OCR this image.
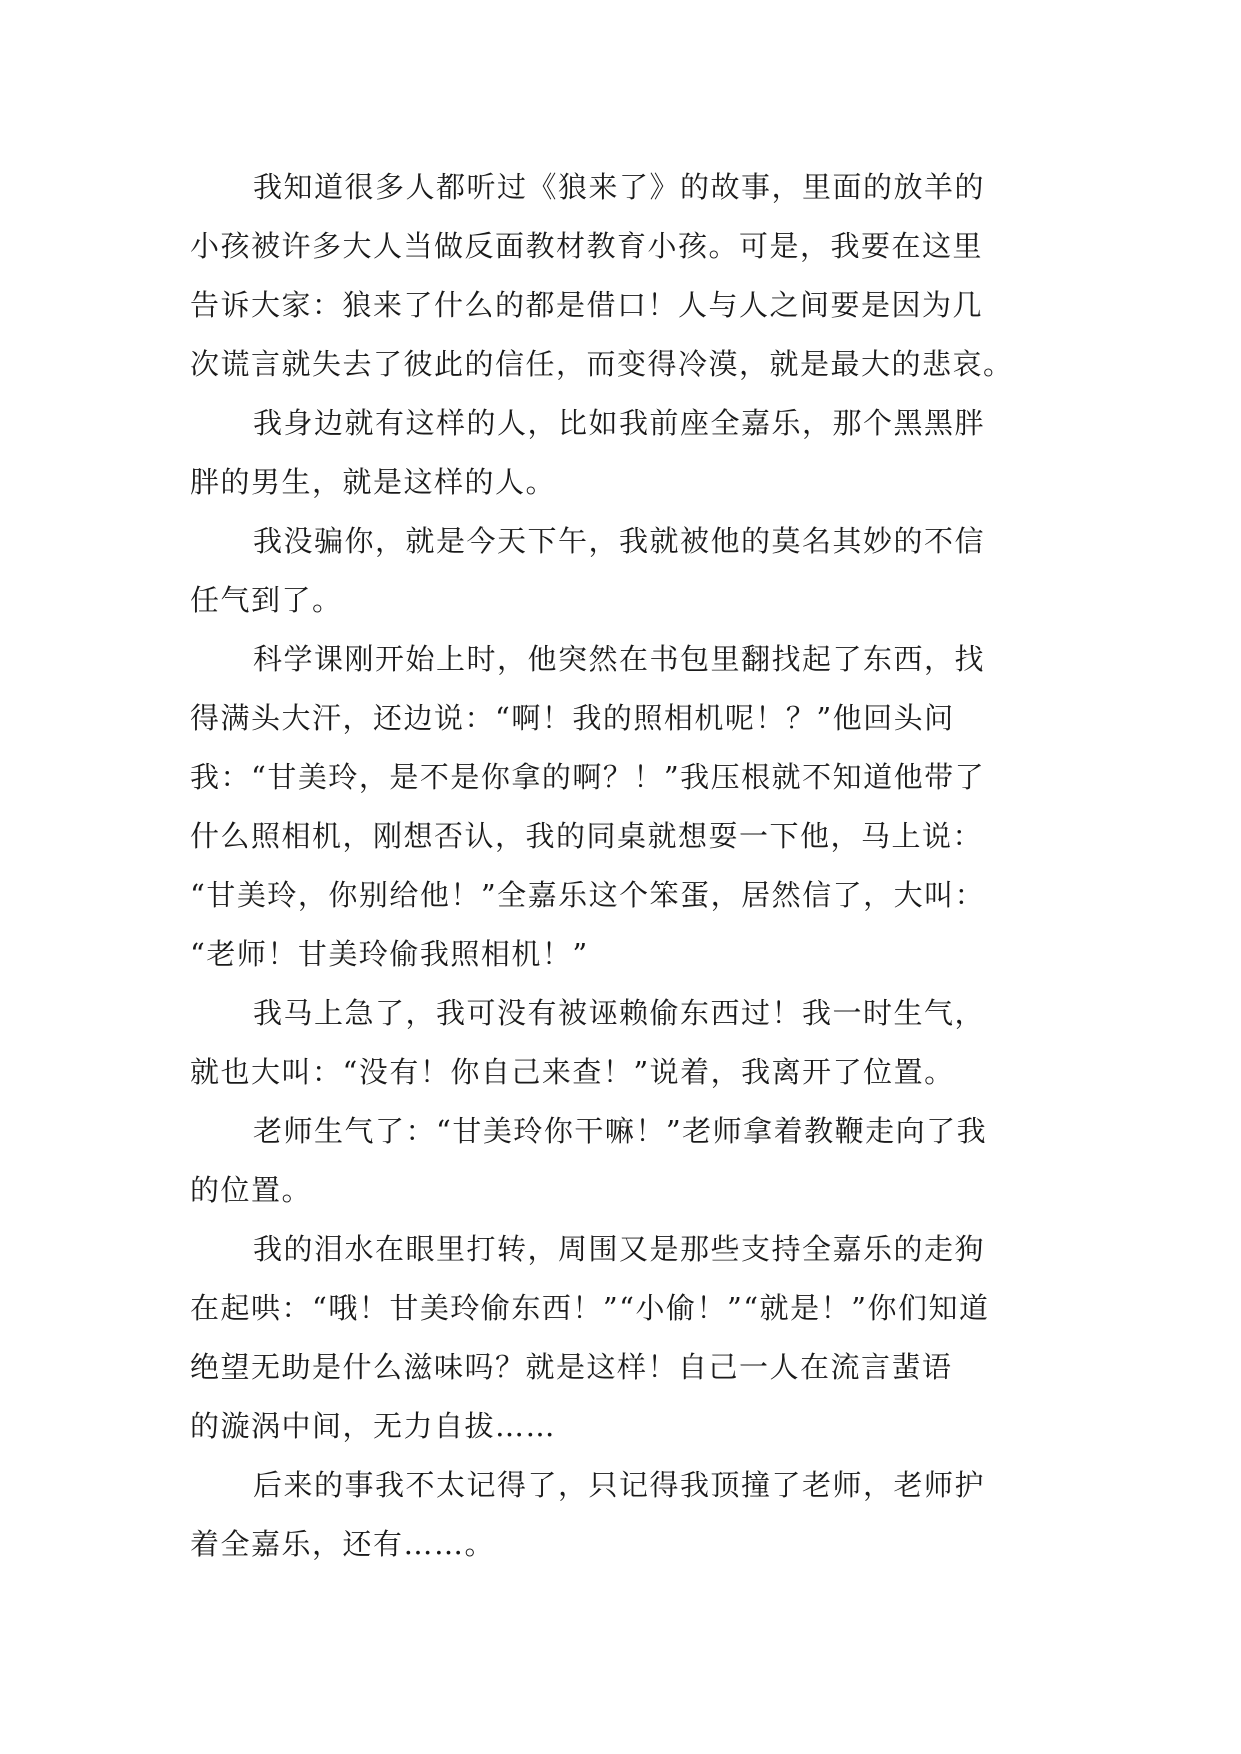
我知道很多人都听过《狼来了》的故事，里面的放羊的
小孩被许多大人当做反面教材教育小孩。可是，我要在这里
告诉大家：狼来了什么的都是借口！人与人之间要是因为几
次谎言就失去了彼此的信任，而变得冷漠，就是最大的悲哀。
我身边就有这样的人，比如我前座全嘉乐，那个黑黑胖
胖的男生，就是这样的人。
我没骗你，就是今天下午，我就被他的莫名其妙的不信
任气到了。
科学课刚开始上时，他突然在书包里翻找起了东西，找
得满头大汗，还边说：“啊！我的照相机呢！？”他回头问
我：“甘美玲，是不是你拿的啊？！”我压根就不知道他带了
什么照相机，刚想否认，我的同桌就想耍一下他，马上说：
“甘美玲，你别给他！”全嘉乐这个笨蛋，居然信了，大叫：
“老师！甘美玲偷我照相机！”
我马上急了，我可没有被诬赖偷东西过！我一时生气，
就也大叫：“没有！你自己来查！”说着，我离开了位置。
老师生气了：“甘美玲你干嘛！”老师拿着教鞭走向了我
的位置。
我的泪水在眼里打转，周围又是那些支持全嘉乐的走狗
在起哄：“哦！甘美玲偷东西！”“小偷！”“就是！”你们知道
绝望无助是什么滋味吗？就是这样！自己一人在流言蜚语
的漩涡中间，无力自拔……
后来的事我不太记得了，只记得我顶撞了老师，老师护
着全嘉乐，还有……。
